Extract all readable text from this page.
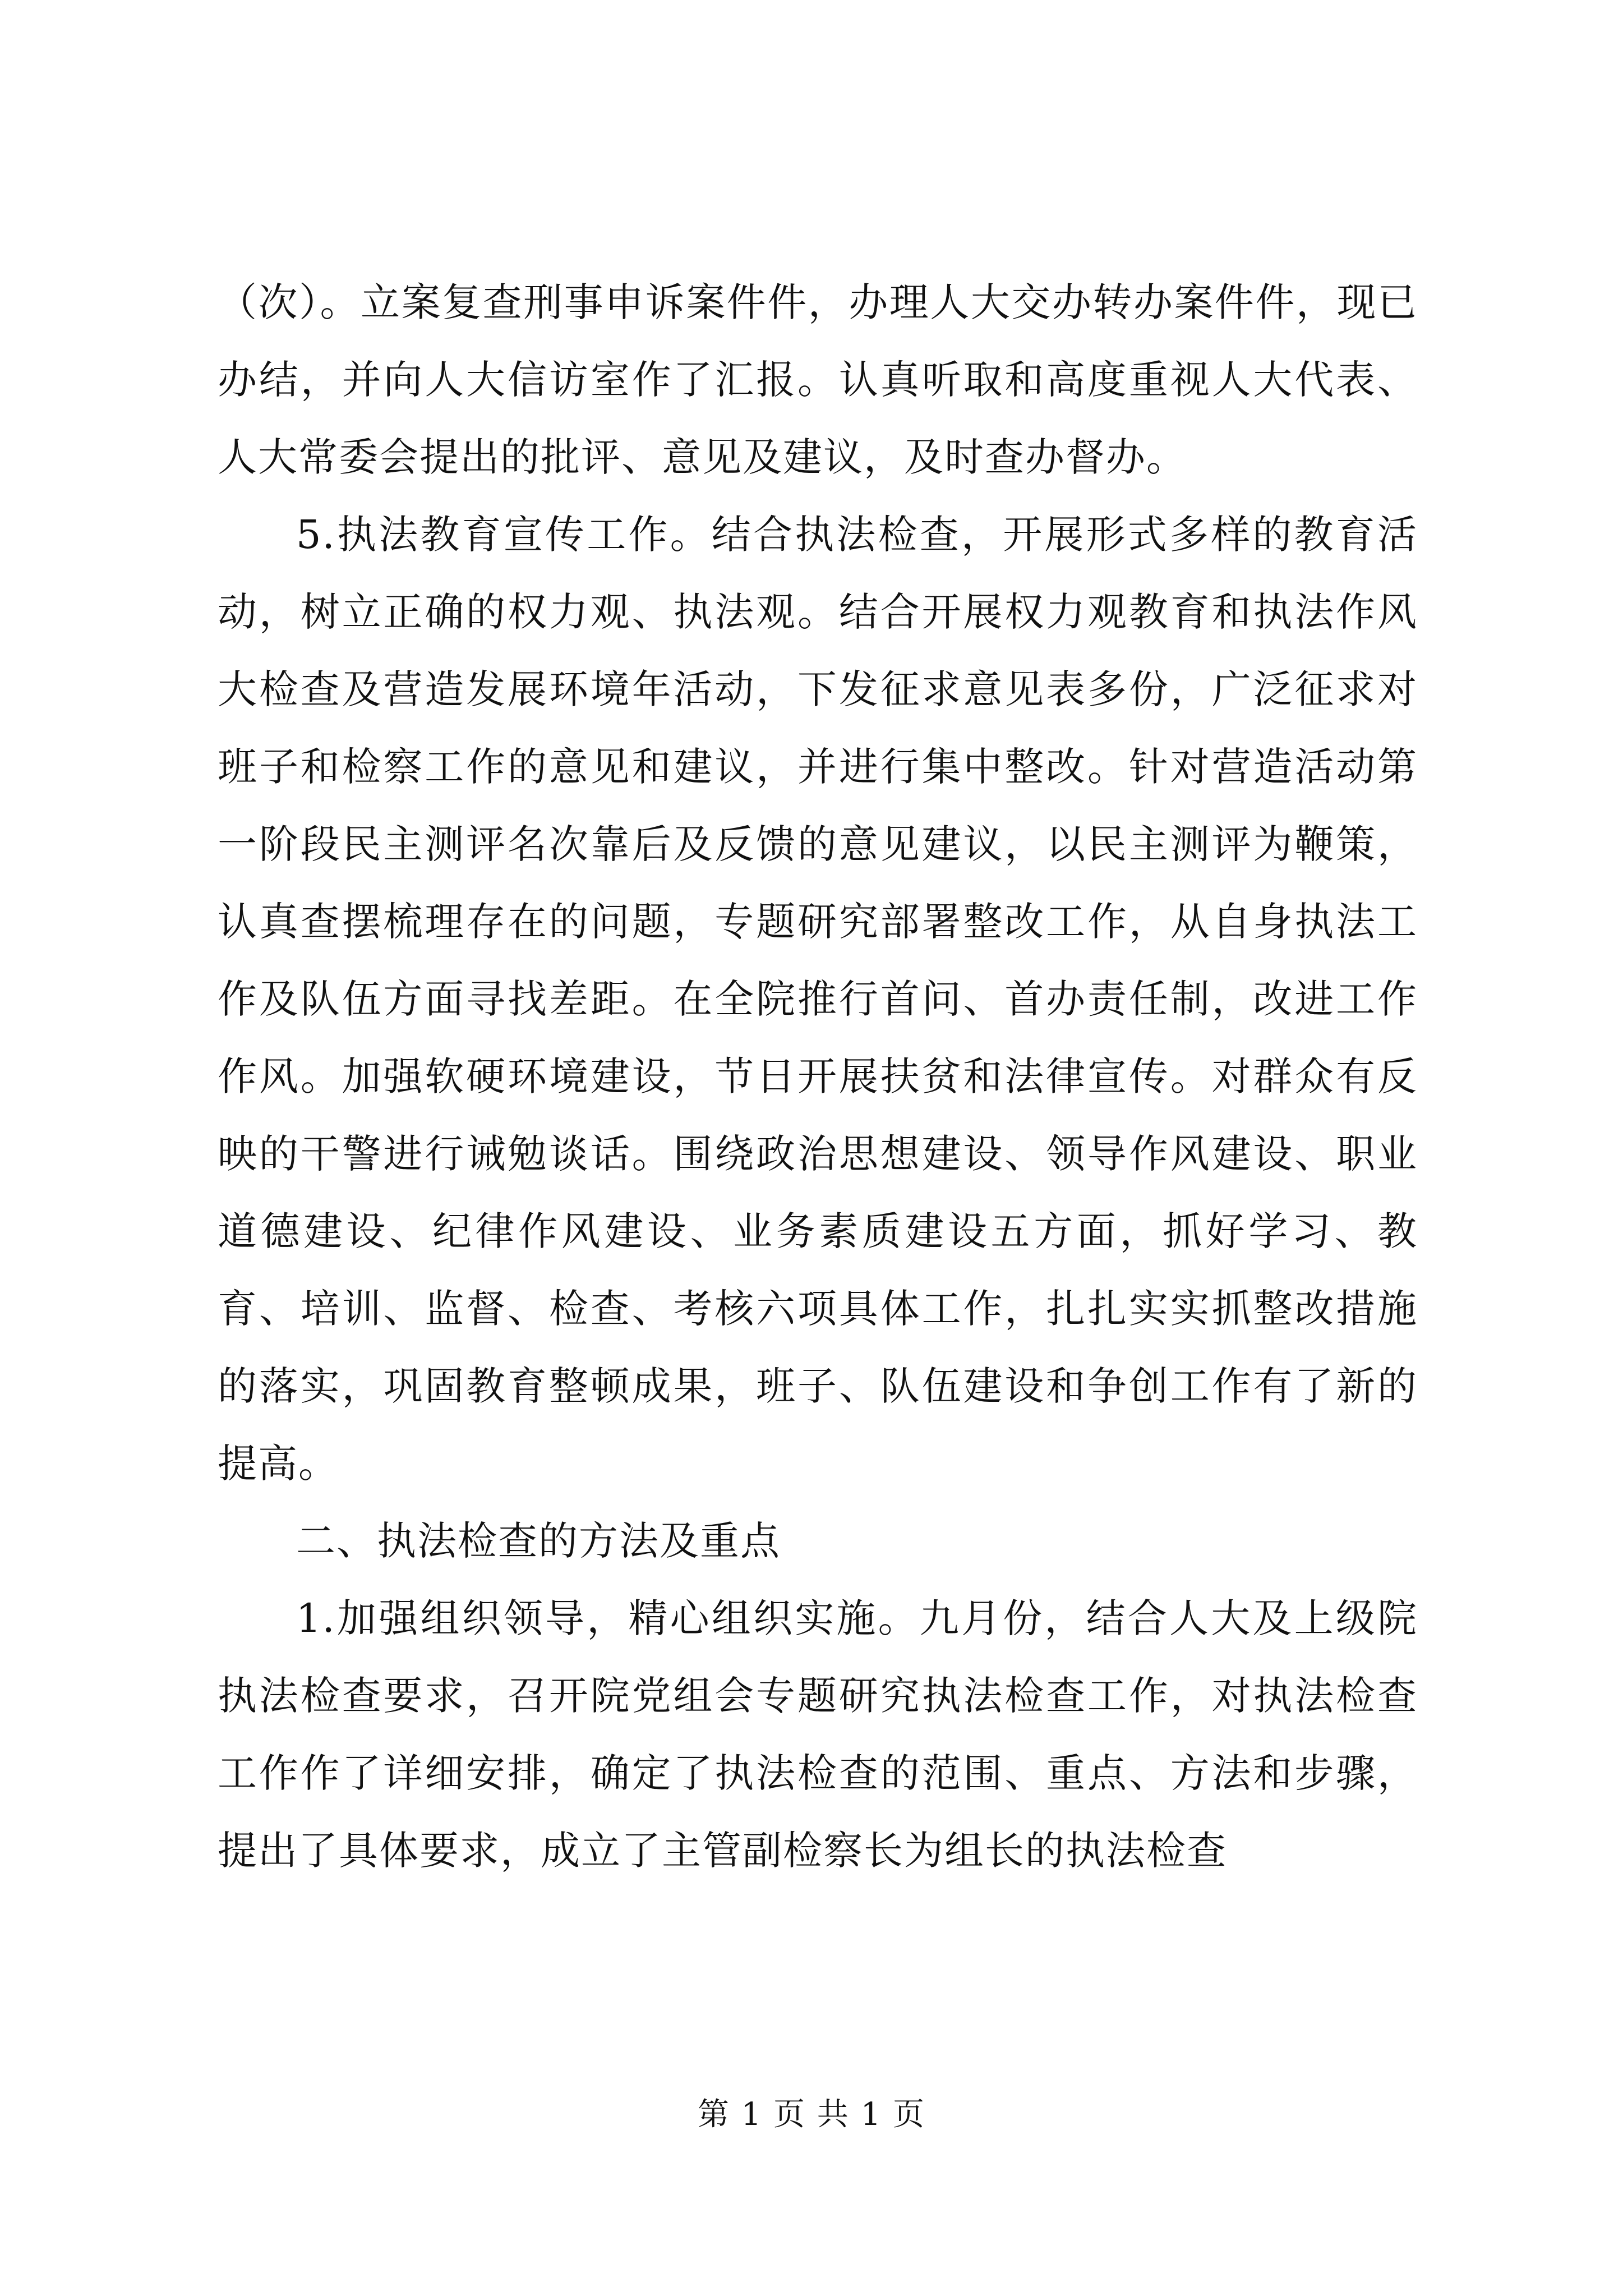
（次）。立案复查刑事申诉案件件，办理人大交办转办案件件，现已办结，并向人大信访室作了汇报。认真听取和高度重视人大代表、人大常委会提出的批评、意见及建议，及时查办督办。

5.执法教育宣传工作。结合执法检查，开展形式多样的教育活动，树立正确的权力观、执法观。结合开展权力观教育和执法作风大检查及营造发展环境年活动，下发征求意见表多份，广泛征求对班子和检察工作的意见和建议，并进行集中整改。针对营造活动第一阶段民主测评名次靠后及反馈的意见建议，以民主测评为鞭策，认真查摆梳理存在的问题，专题研究部署整改工作，从自身执法工作及队伍方面寻找差距。在全院推行首问、首办责任制，改进工作作风。加强软硬环境建设，节日开展扶贫和法律宣传。对群众有反映的干警进行诫勉谈话。围绕政治思想建设、领导作风建设、职业道德建设、纪律作风建设、业务素质建设五方面，抓好学习、教育、培训、监督、检查、考核六项具体工作，扎扎实实抓整改措施的落实，巩固教育整顿成果，班子、队伍建设和争创工作有了新的提高。

二、执法检查的方法及重点

1.加强组织领导，精心组织实施。九月份，结合人大及上级院执法检查要求，召开院党组会专题研究执法检查工作，对执法检查工作作了详细安排，确定了执法检查的范围、重点、方法和步骤，提出了具体要求，成立了主管副检察长为组长的执法检查

第 1 页 共 1 页
